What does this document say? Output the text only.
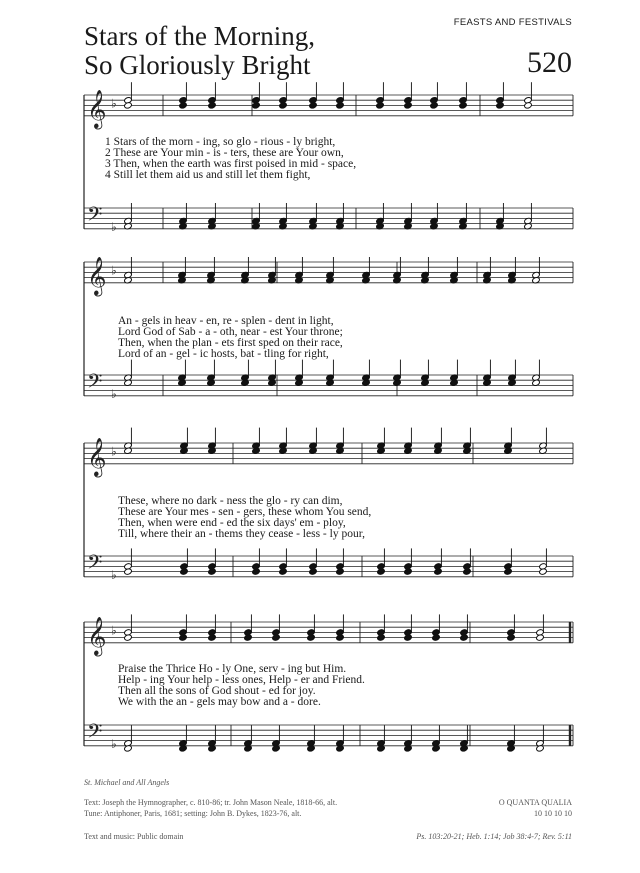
Stars of the Morning,
So Gloriously Bright
FEASTS AND FESTIVALS
520
𝄞 ♭
𝄢 ♭
𝄞 ♭
𝄢 ♭
𝄞 ♭
𝄢 ♭
𝄞 ♭
𝄢 ♭
1 Stars of the morn - ing, so glo - rious - ly bright,
2 These are Your min - is - ters, these are Your own,
3 Then, when the earth was first poised in mid - space,
4 Still let them aid us and still let them fight,
An - gels in heav - en, re - splen - dent in light,
Lord God of Sab - a - oth, near - est Your throne;
Then, when the plan - ets first sped on their race,
Lord of an - gel - ic hosts, bat - tling for right,
These, where no dark - ness the glo - ry can dim,
These are Your mes - sen - gers, these whom You send,
Then, when were end - ed the six days' em - ploy,
Till, where their an - thems they cease - less - ly pour,
Praise the Thrice Ho - ly One, serv - ing but Him.
Help - ing Your help - less ones, Help - er and Friend.
Then all the sons of God shout - ed for joy.
We with the an - gels may bow and a - dore.
St. Michael and All Angels
Text: Joseph the Hymnographer, c. 810-86; tr. John Mason Neale, 1818-66, alt.
Tune: Antiphoner, Paris, 1681; setting: John B. Dykes, 1823-76, alt.
Text and music: Public domain
O QUANTA QUALIA
10 10 10 10
Ps. 103:20-21; Heb. 1:14; Job 38:4-7; Rev. 5:11
